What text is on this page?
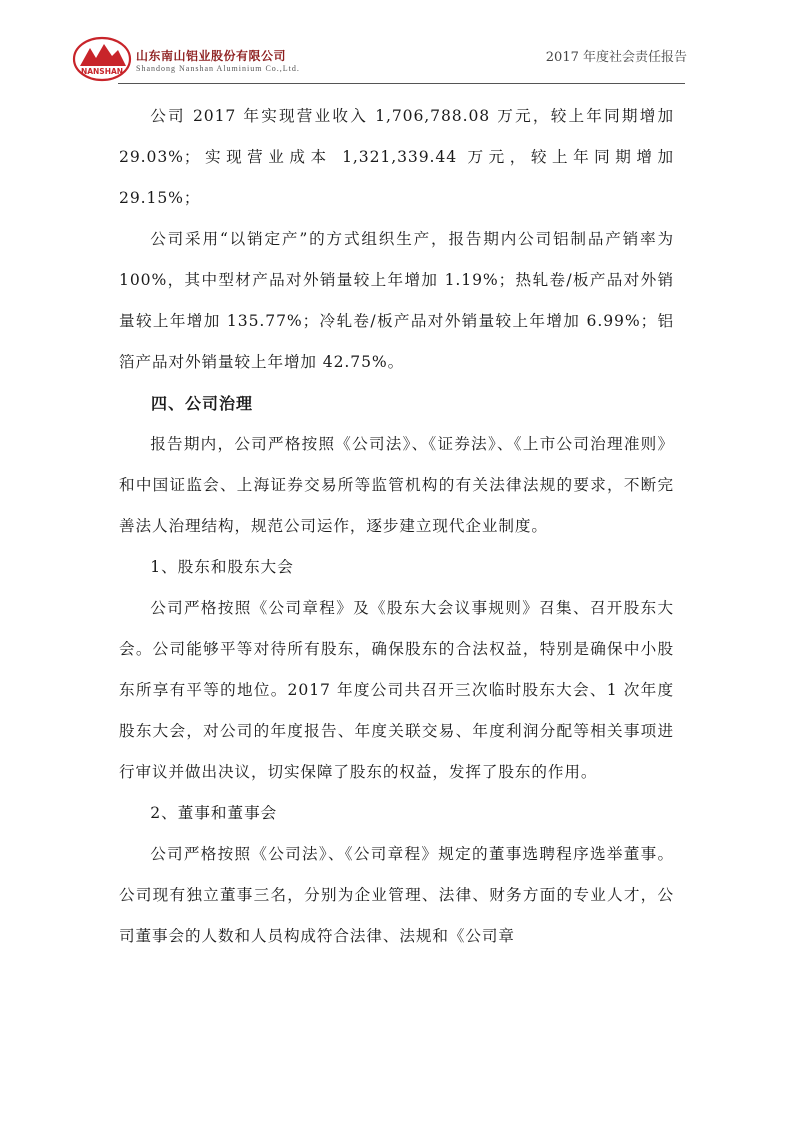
NANSHAN
山东南山铝业股份有限公司
Shandong Nanshan Aluminium Co.,Ltd.
2017 年度社会责任报告

公司 2017 年实现营业收入 1,706,788.08 万元，较上年同期增加 29.03%；实现营业成本 1,321,339.44 万元，较上年同期增加 29.15%；

公司采用“以销定产”的方式组织生产，报告期内公司铝制品产销率为 100%，其中型材产品对外销量较上年增加 1.19%；热轧卷/板产品对外销量较上年增加 135.77%；冷轧卷/板产品对外销量较上年增加 6.99%；铝箔产品对外销量较上年增加 42.75%。

四、公司治理

报告期内，公司严格按照《公司法》、《证券法》、《上市公司治理准则》和中国证监会、上海证券交易所等监管机构的有关法律法规的要求，不断完善法人治理结构，规范公司运作，逐步建立现代企业制度。

1、股东和股东大会

公司严格按照《公司章程》及《股东大会议事规则》召集、召开股东大会。公司能够平等对待所有股东，确保股东的合法权益，特别是确保中小股东所享有平等的地位。2017 年度公司共召开三次临时股东大会、1 次年度股东大会，对公司的年度报告、年度关联交易、年度利润分配等相关事项进行审议并做出决议，切实保障了股东的权益，发挥了股东的作用。

2、董事和董事会

公司严格按照《公司法》、《公司章程》规定的董事选聘程序选举董事。公司现有独立董事三名，分别为企业管理、法律、财务方面的专业人才，公司董事会的人数和人员构成符合法律、法规和《公司章
